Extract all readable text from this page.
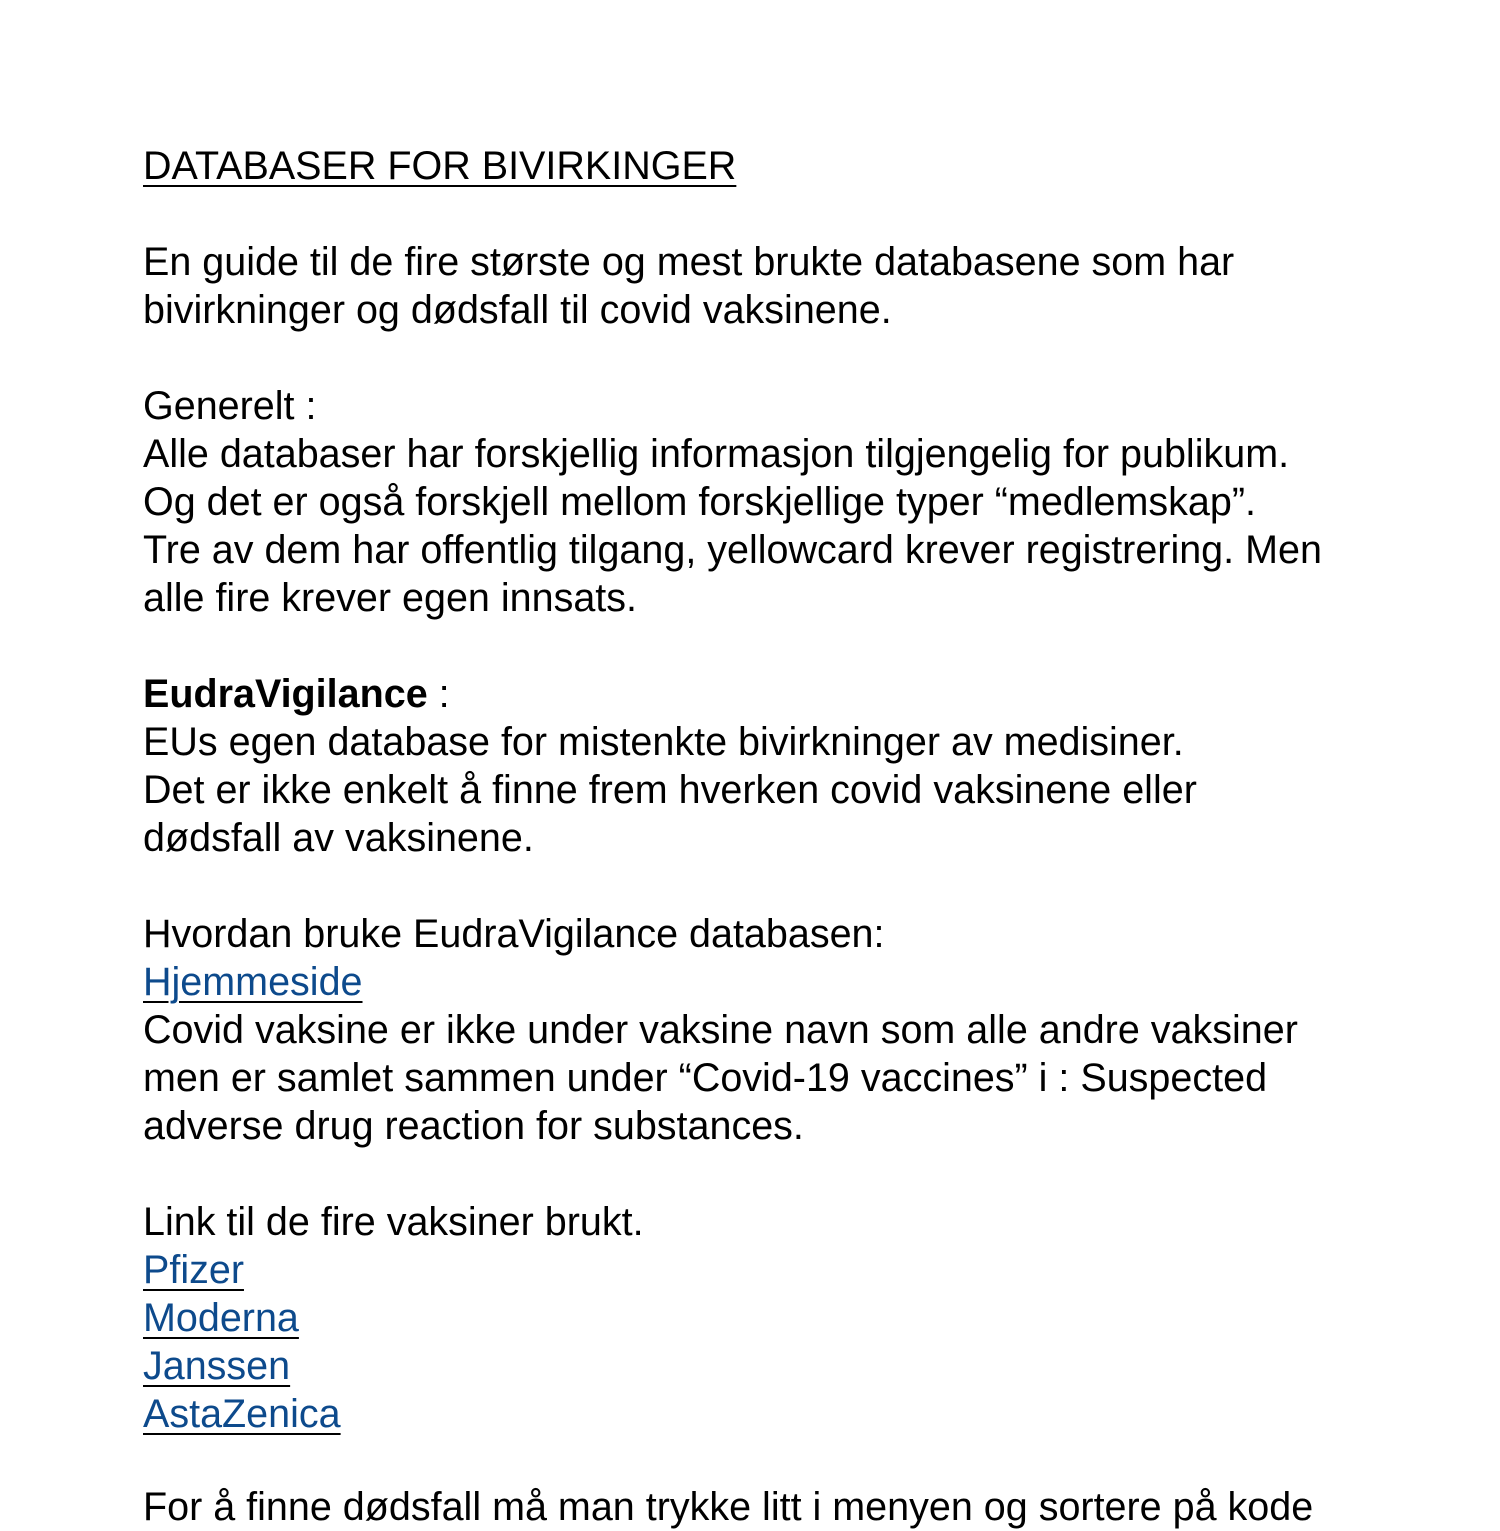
DATABASER FOR BIVIRKINGER
En guide til de fire største og mest brukte databasene som har
bivirkninger og dødsfall til covid vaksinene.
Generelt :
Alle databaser har forskjellig informasjon tilgjengelig for publikum.
Og det er også forskjell mellom forskjellige typer “medlemskap”.
Tre av dem har offentlig tilgang, yellowcard krever registrering. Men
alle fire krever egen innsats.
EudraVigilance :
EUs egen database for mistenkte bivirkninger av medisiner.
Det er ikke enkelt å finne frem hverken covid vaksinene eller
dødsfall av vaksinene.
Hvordan bruke EudraVigilance databasen:
Hjemmeside
Covid vaksine er ikke under vaksine navn som alle andre vaksiner
men er samlet sammen under “Covid-19 vaccines” i : Suspected
adverse drug reaction for substances.
Link til de fire vaksiner brukt.
Pfizer
Moderna
Janssen
AstaZenica
For å finne dødsfall må man trykke litt i menyen og sortere på kode
